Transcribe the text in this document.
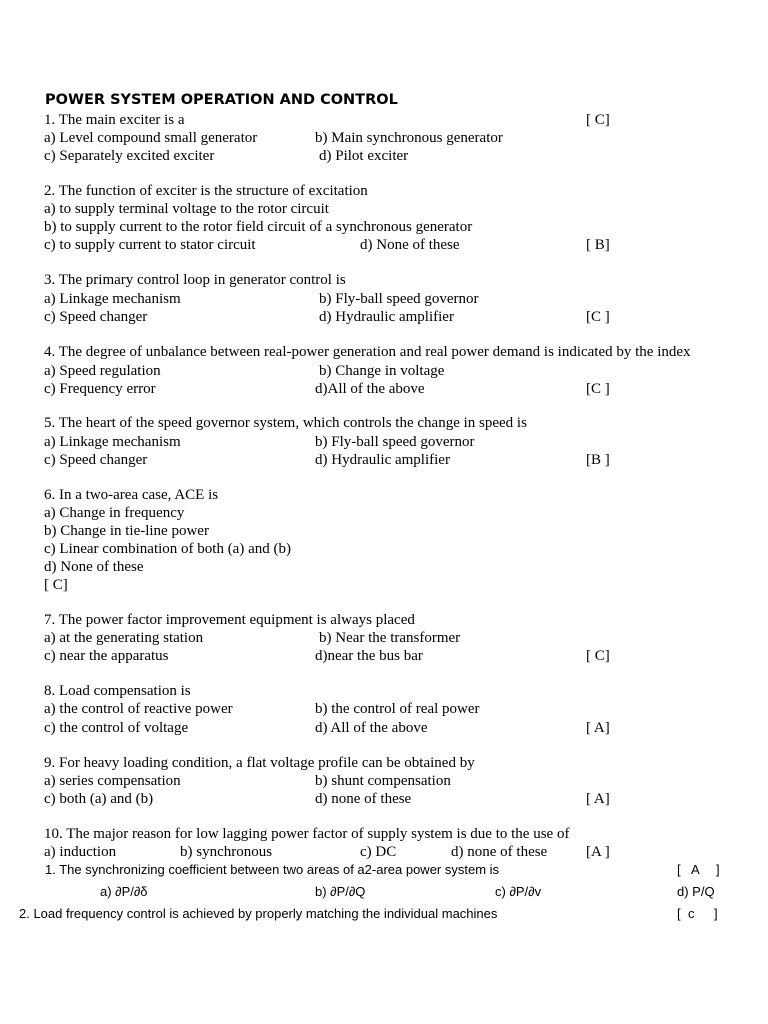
POWER SYSTEM OPERATION AND CONTROL
1. The main exciter is a	[ C]
a) Level compound small generator	b) Main synchronous generator
c) Separately excited exciter	d) Pilot exciter
2. The function of exciter is the structure of excitation
a) to supply terminal voltage to the rotor circuit
b) to supply current to the rotor field circuit of a synchronous generator
c) to supply current to stator circuit	d) None of these	[ B]
3. The primary control loop in generator control is
a) Linkage mechanism	b) Fly-ball speed governor
c) Speed changer	d) Hydraulic amplifier	[C ]
4. The degree of unbalance between real-power generation and real power demand is indicated by the index
a) Speed regulation	b) Change in voltage
c) Frequency error	d)All of the above	[C ]
5. The heart of the speed governor system, which controls the change in speed is
a) Linkage mechanism	b) Fly-ball speed governor
c) Speed changer	d) Hydraulic amplifier	[B ]
6. In a two-area case, ACE is
a) Change in frequency
b) Change in tie-line power
c) Linear combination of both (a) and (b)
d) None of these
[ C]
7. The power factor improvement equipment is always placed
a) at the generating station	b) Near the transformer
c) near the apparatus	d)near the bus bar	[ C]
8. Load compensation is
a) the control of reactive power	b) the control of real power
c) the control of voltage	d) All of the above	[ A]
9. For heavy loading condition, a flat voltage profile can be obtained by
a) series compensation	b) shunt compensation
c) both (a) and (b)	d) none of these	[ A]
10. The major reason for low lagging power factor of supply system is due to the use of
a) induction	b) synchronous	c) DC	d) none of these	[A ]
1. The synchronizing coefficient between two areas of a2-area power system is	[ A ]
a) ∂P/∂δ	b) ∂P/∂Q	c) ∂P/∂v	d) P/Q
2. Load frequency control is achieved by properly matching the individual machines	[ c ]
